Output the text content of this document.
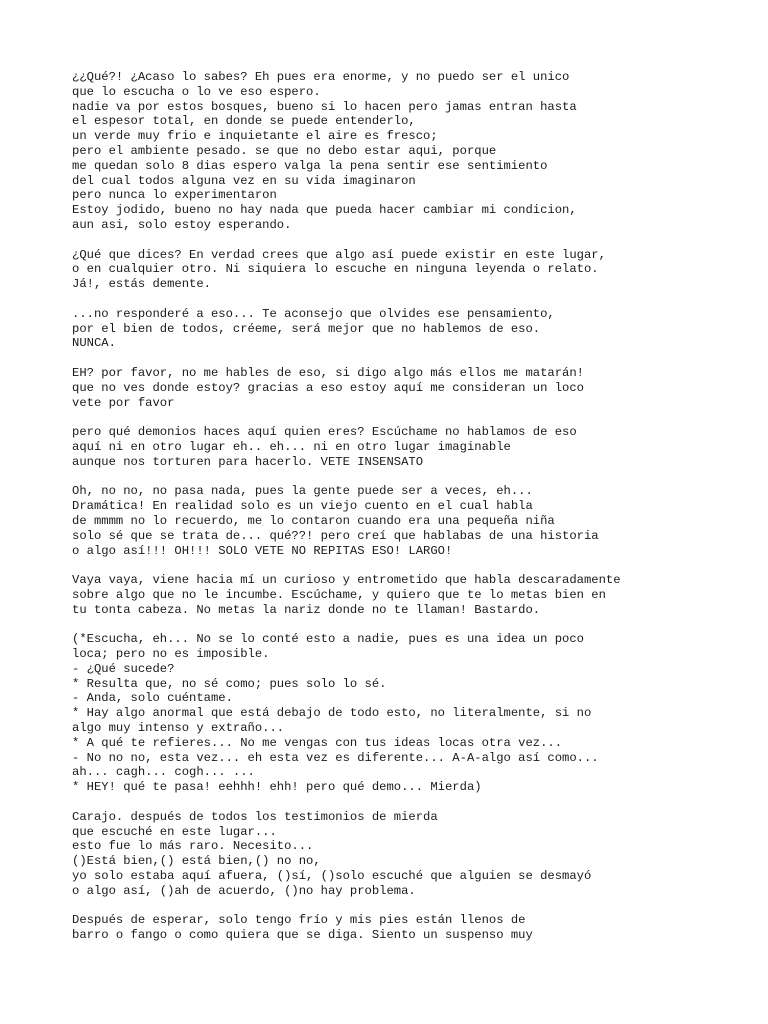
¿¿Qué?! ¿Acaso lo sabes? Eh pues era enorme, y no puedo ser el unico
que lo escucha o lo ve eso espero.
nadie va por estos bosques, bueno si lo hacen pero jamas entran hasta
el espesor total, en donde se puede entenderlo,
un verde muy frio e inquietante el aire es fresco;
pero el ambiente pesado. se que no debo estar aqui, porque
me quedan solo 8 dias espero valga la pena sentir ese sentimiento
del cual todos alguna vez en su vida imaginaron
pero nunca lo experimentaron
Estoy jodido, bueno no hay nada que pueda hacer cambiar mi condicion,
aun asi, solo estoy esperando.
¿Qué que dices? En verdad crees que algo así puede existir en este lugar,
o en cualquier otro. Ni siquiera lo escuche en ninguna leyenda o relato.
Já!, estás demente.
...no responderé a eso... Te aconsejo que olvides ese pensamiento,
por el bien de todos, créeme, será mejor que no hablemos de eso.
NUNCA.
EH? por favor, no me hables de eso, si digo algo más ellos me matarán!
que no ves donde estoy? gracias a eso estoy aquí me consideran un loco
vete por favor
pero qué demonios haces aquí quien eres? Escúchame no hablamos de eso
aquí ni en otro lugar eh.. eh... ni en otro lugar imaginable
aunque nos torturen para hacerlo. VETE INSENSATO
Oh, no no, no pasa nada, pues la gente puede ser a veces, eh...
Dramática! En realidad solo es un viejo cuento en el cual habla
de mmmm no lo recuerdo, me lo contaron cuando era una pequeña niña
solo sé que se trata de... qué??! pero creí que hablabas de una historia
o algo así!!! OH!!! SOLO VETE NO REPITAS ESO! LARGO!
Vaya vaya, viene hacia mí un curioso y entrometido que habla descaradamente
sobre algo que no le incumbe. Escúchame, y quiero que te lo metas bien en
tu tonta cabeza. No metas la nariz donde no te llaman! Bastardo.
(*Escucha, eh... No se lo conté esto a nadie, pues es una idea un poco
loca; pero no es imposible.
- ¿Qué sucede?
* Resulta que, no sé como; pues solo lo sé.
- Anda, solo cuéntame.
* Hay algo anormal que está debajo de todo esto, no literalmente, si no
algo muy intenso y extraño...
* A qué te refieres... No me vengas con tus ideas locas otra vez...
- No no no, esta vez... eh esta vez es diferente... A-A-algo así como...
ah... cagh... cogh... ...
* HEY! qué te pasa! eehhh! ehh! pero qué demo... Mierda)
Carajo. después de todos los testimonios de mierda
que escuché en este lugar...
esto fue lo más raro. Necesito...
()Está bien,() está bien,() no no,
yo solo estaba aquí afuera, ()sí, ()solo escuché que alguien se desmayó
o algo así, ()ah de acuerdo, ()no hay problema.
Después de esperar, solo tengo frío y mis pies están llenos de
barro o fango o como quiera que se diga. Siento un suspenso muy
